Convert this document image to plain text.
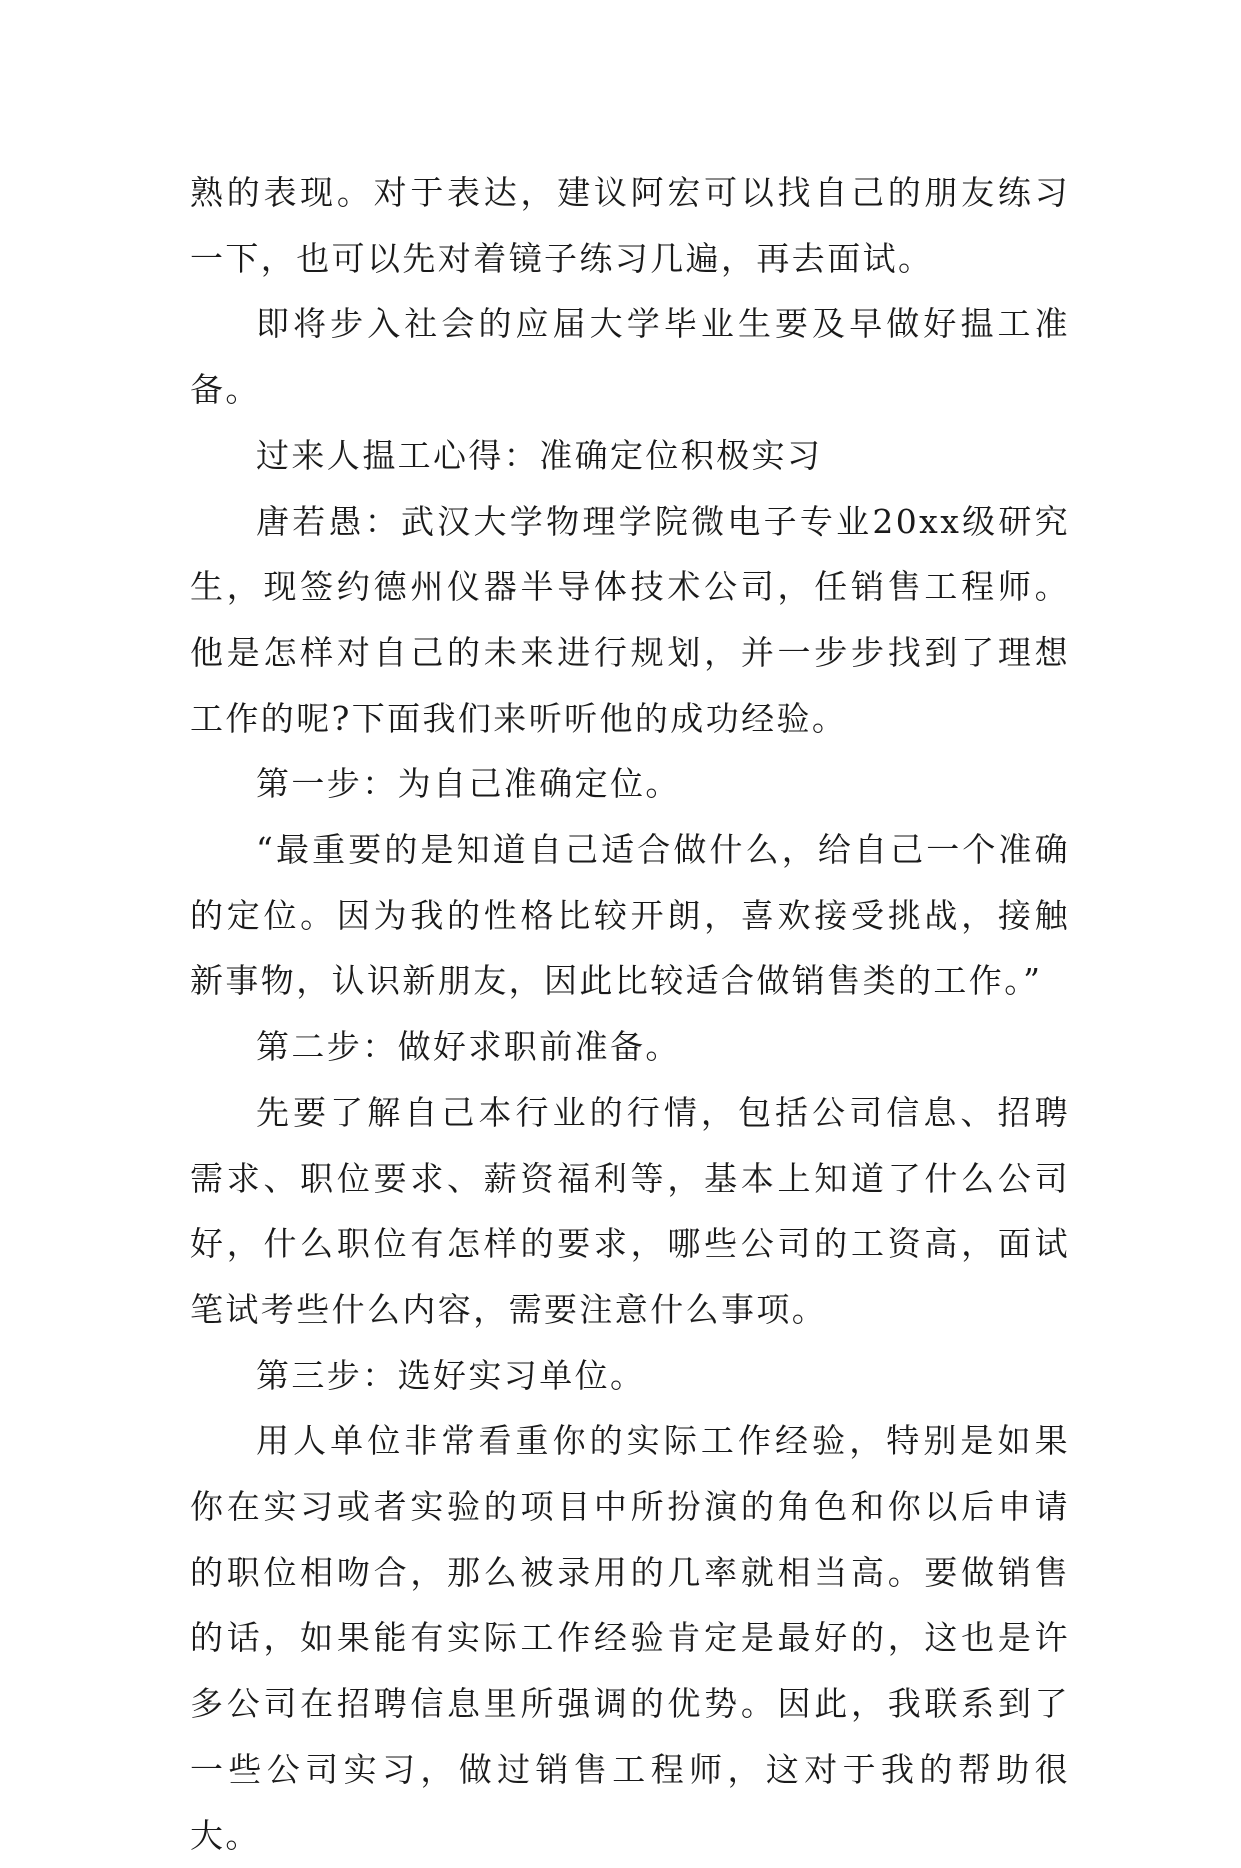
熟的表现。对于表达，建议阿宏可以找自己的朋友练习一下，也可以先对着镜子练习几遍，再去面试。

即将步入社会的应届大学毕业生要及早做好揾工准备。

过来人揾工心得：准确定位积极实习

唐若愚：武汉大学物理学院微电子专业20xx级研究生，现签约德州仪器半导体技术公司，任销售工程师。他是怎样对自己的未来进行规划，并一步步找到了理想工作的呢?下面我们来听听他的成功经验。

第一步：为自己准确定位。

“最重要的是知道自己适合做什么，给自己一个准确的定位。因为我的性格比较开朗，喜欢接受挑战，接触新事物，认识新朋友，因此比较适合做销售类的工作。”

第二步：做好求职前准备。

先要了解自己本行业的行情，包括公司信息、招聘需求、职位要求、薪资福利等，基本上知道了什么公司好，什么职位有怎样的要求，哪些公司的工资高，面试笔试考些什么内容，需要注意什么事项。

第三步：选好实习单位。

用人单位非常看重你的实际工作经验，特别是如果你在实习或者实验的项目中所扮演的角色和你以后申请的职位相吻合，那么被录用的几率就相当高。要做销售的话，如果能有实际工作经验肯定是最好的，这也是许多公司在招聘信息里所强调的优势。因此，我联系到了一些公司实习，做过销售工程师，这对于我的帮助很大。
